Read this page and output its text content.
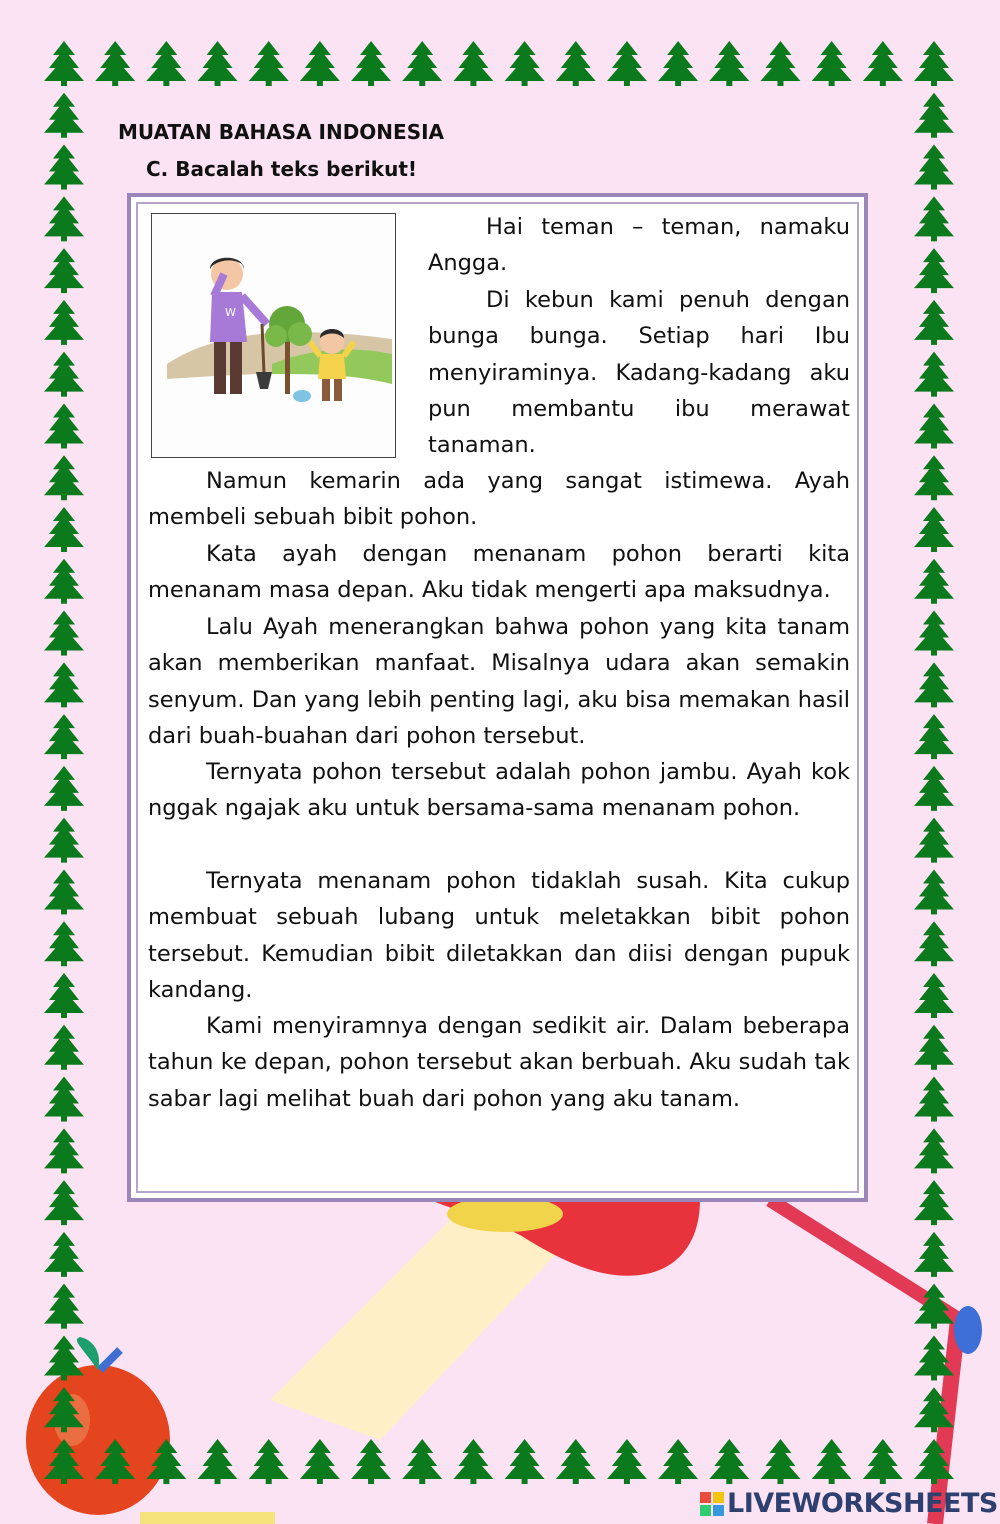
MUATAN BAHASA INDONESIA
C. Bacalah teks berikut!
W

Hai teman – teman, namaku Angga.

Di kebun kami penuh dengan bunga bunga. Setiap hari Ibu menyiraminya. Kadang-kadang aku pun membantu ibu merawat tanaman.

Namun kemarin ada yang sangat istimewa. Ayah membeli sebuah bibit pohon.

Kata ayah dengan menanam pohon berarti kita menanam masa depan. Aku tidak mengerti apa maksudnya.

Lalu Ayah menerangkan bahwa pohon yang kita tanam akan memberikan manfaat. Misalnya udara akan semakin senyum. Dan yang lebih penting lagi, aku bisa memakan hasil dari buah-buahan dari pohon tersebut.

Ternyata pohon tersebut adalah pohon jambu. Ayah kok nggak ngajak aku untuk bersama-sama menanam pohon.

Ternyata menanam pohon tidaklah susah. Kita cukup membuat sebuah lubang untuk meletakkan bibit pohon tersebut. Kemudian bibit diletakkan dan diisi dengan pupuk kandang.

Kami menyiramnya dengan sedikit air. Dalam beberapa tahun ke depan, pohon tersebut akan berbuah. Aku sudah tak sabar lagi melihat buah dari pohon yang aku tanam.

LIVEWORKSHEETS
